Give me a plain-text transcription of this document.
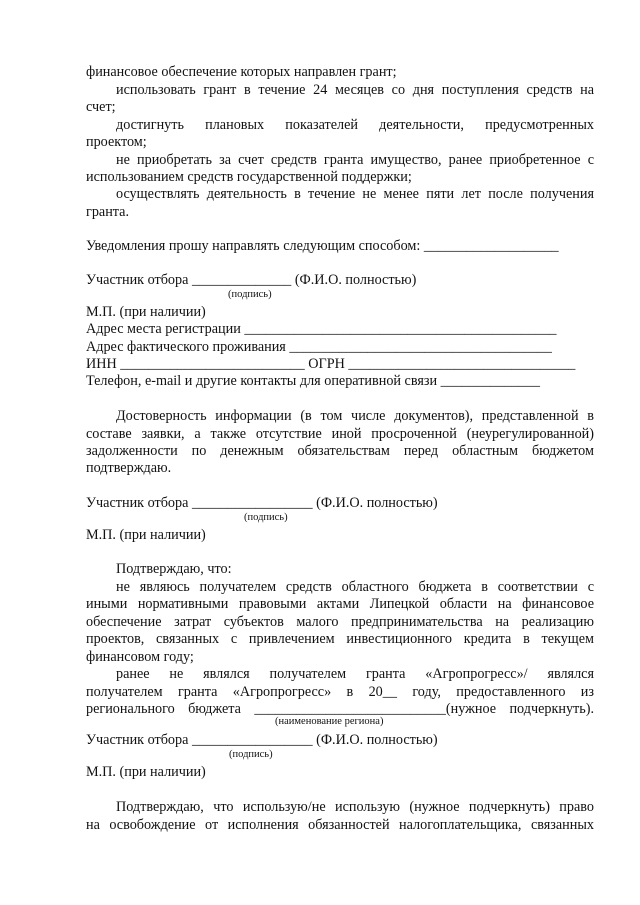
финансовое обеспечение которых направлен грант;
использовать грант в течение 24 месяцев со дня поступления средств на
счет;
достигнуть плановых показателей деятельности, предусмотренных
проектом;
не приобретать за счет средств гранта имущество, ранее приобретенное с
использованием средств государственной поддержки;
осуществлять деятельность в течение не менее пяти лет после получения
гранта.
Уведомления прошу направлять следующим способом: ___________________
Участник отбора ______________ (Ф.И.О. полностью)
(подпись)
М.П. (при наличии)
Адрес места регистрации ____________________________________________
Адрес фактического проживания _____________________________________
ИНН __________________________ ОГРН ________________________________
Телефон, e-mail и другие контакты для оперативной связи ______________
Достоверность информации (в том числе документов), представленной в
составе заявки, а также отсутствие иной просроченной (неурегулированной)
задолженности по денежным обязательствам перед областным бюджетом
подтверждаю.
Участник отбора _________________ (Ф.И.О. полностью)
(подпись)
М.П. (при наличии)
Подтверждаю, что:
не являюсь получателем средств областного бюджета в соответствии с
иными нормативными правовыми актами Липецкой области на финансовое
обеспечение затрат субъектов малого предпринимательства на реализацию
проектов, связанных с привлечением инвестиционного кредита в текущем
финансовом году;
ранее не являлся получателем гранта «Агропрогресс»/ являлся
получателем гранта «Агропрогресс» в 20__ году, предоставленного из
регионального бюджета ___________________________(нужное подчеркнуть).
(наименование региона)
Участник отбора _________________ (Ф.И.О. полностью)
(подпись)
М.П. (при наличии)
Подтверждаю, что использую/не использую (нужное подчеркнуть) право
на освобождение от исполнения обязанностей налогоплательщика, связанных
